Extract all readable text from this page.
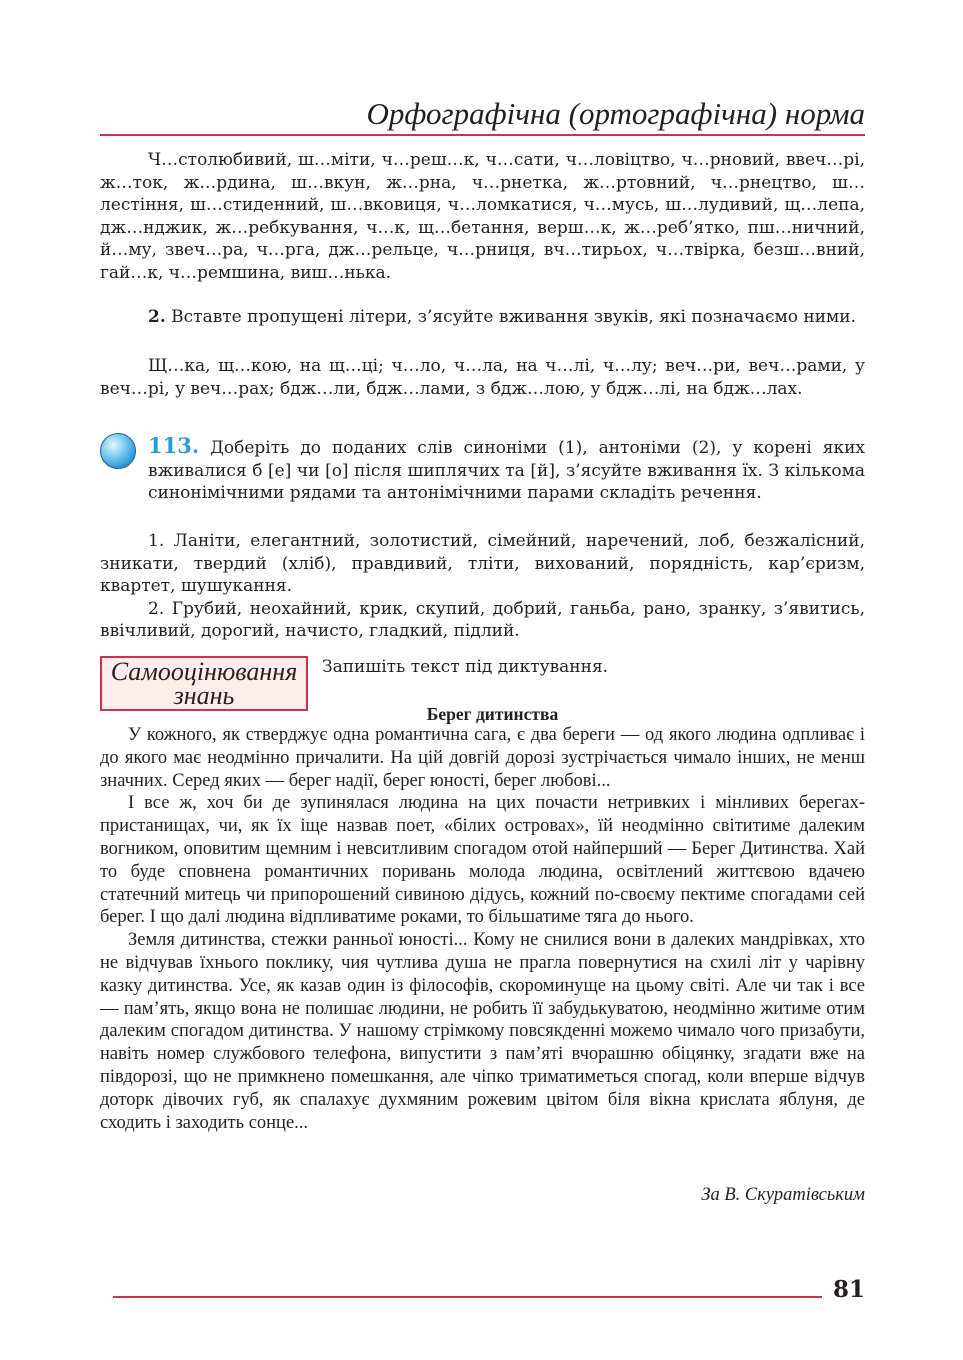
Орфографічна (ортографічна) норма

Ч…столюбивий, ш…міти, ч…реш…к, ч…сати, ч…ловіцтво, ч…рновий, ввеч…рі, ж…ток, ж…рдина, ш…вкун, ж…рна, ч…рнетка, ж…ртовний, ч…рнецтво, ш…лестіння, ш…стиденний, ш…вковиця, ч…ломкатися, ч…мусь, ш…лудивий, щ…лепа, дж…нджик, ж…ребкування, ч…к, щ…бетання, верш…к, ж…реб’ятко, пш…ничний, й…му, звеч…ра, ч…рга, дж…рельце, ч…рниця, вч…тирьох, ч…твірка, безш…вний, гай…к, ч…ремшина, виш…нька.

2. Вставте пропущені літери, з’ясуйте вживання звуків, які позначаємо ними.

Щ…ка, щ…кою, на щ…ці; ч…ло, ч…ла, на ч…лі, ч…лу; веч…ри, веч…рами, у веч…рі, у веч…рах; бдж…ли, бдж…лами, з бдж…лою, у бдж…лі, на бдж…лах.

113. Доберіть до поданих слів синоніми (1), антоніми (2), у корені яких вживалися б [е] чи [о] після шиплячих та [й], з’ясуйте вживання їх. З кількома синонімічними рядами та антонімічними парами складіть речення.

1. Ланіти, елегантний, золотистий, сімейний, наречений, лоб, безжалісний, зникати, твердий (хліб), правдивий, тліти, вихований, порядність, кар’єризм, квартет, шушукання.

2. Грубий, неохайний, крик, скупий, добрий, ганьба, рано, зранку, з’явитись, ввічливий, дорогий, начисто, гладкий, підлий.

Самооцінювання
знань
Запишіть текст під диктування.
Берег дитинства

У кожного, як стверджує одна романтична сага, є два береги — од якого людина одпливає і до якого має неодмінно причалити. На цій довгій дорозі зустрічається чимало інших, не менш значних. Серед яких — берег надії, берег юності, берег любові...

І все ж, хоч би де зупинялася людина на цих почасти нетривких і мінливих берегах-пристанищах, чи, як їх іще назвав поет, «білих островах», їй неодмінно світитиме далеким вогником, оповитим щемним і невситливим спогадом отой найперший — Берег Дитинства. Хай то буде сповнена романтичних поривань молода людина, освітлений життєвою вдачею статечний митець чи припорошений сивиною дідусь, кожний по-своєму пектиме спогадами сей берег. І що далі людина відпливатиме роками, то більшатиме тяга до нього.

Земля дитинства, стежки ранньої юності... Кому не снилися вони в далеких мандрівках, хто не відчував їхнього поклику, чия чутлива душа не прагла повернутися на схилі літ у чарівну казку дитинства. Усе, як казав один із філософів, скороминуще на цьому світі. Але чи так і все — пам’ять, якщо вона не полишає людини, не робить її забудькуватою, неодмінно житиме отим далеким спогадом дитинства. У нашому стрімкому повсякденні можемо чимало чого призабути, навіть номер службового телефона, випустити з пам’яті вчорашню обіцянку, згадати вже на півдорозі, що не примкнено помешкання, але чіпко триматиметься спогад, коли вперше відчув доторк дівочих губ, як спалахує духмяним рожевим цвітом біля вікна крислата яблуня, де сходить і заходить сонце...

За В. Скуратівським
81
